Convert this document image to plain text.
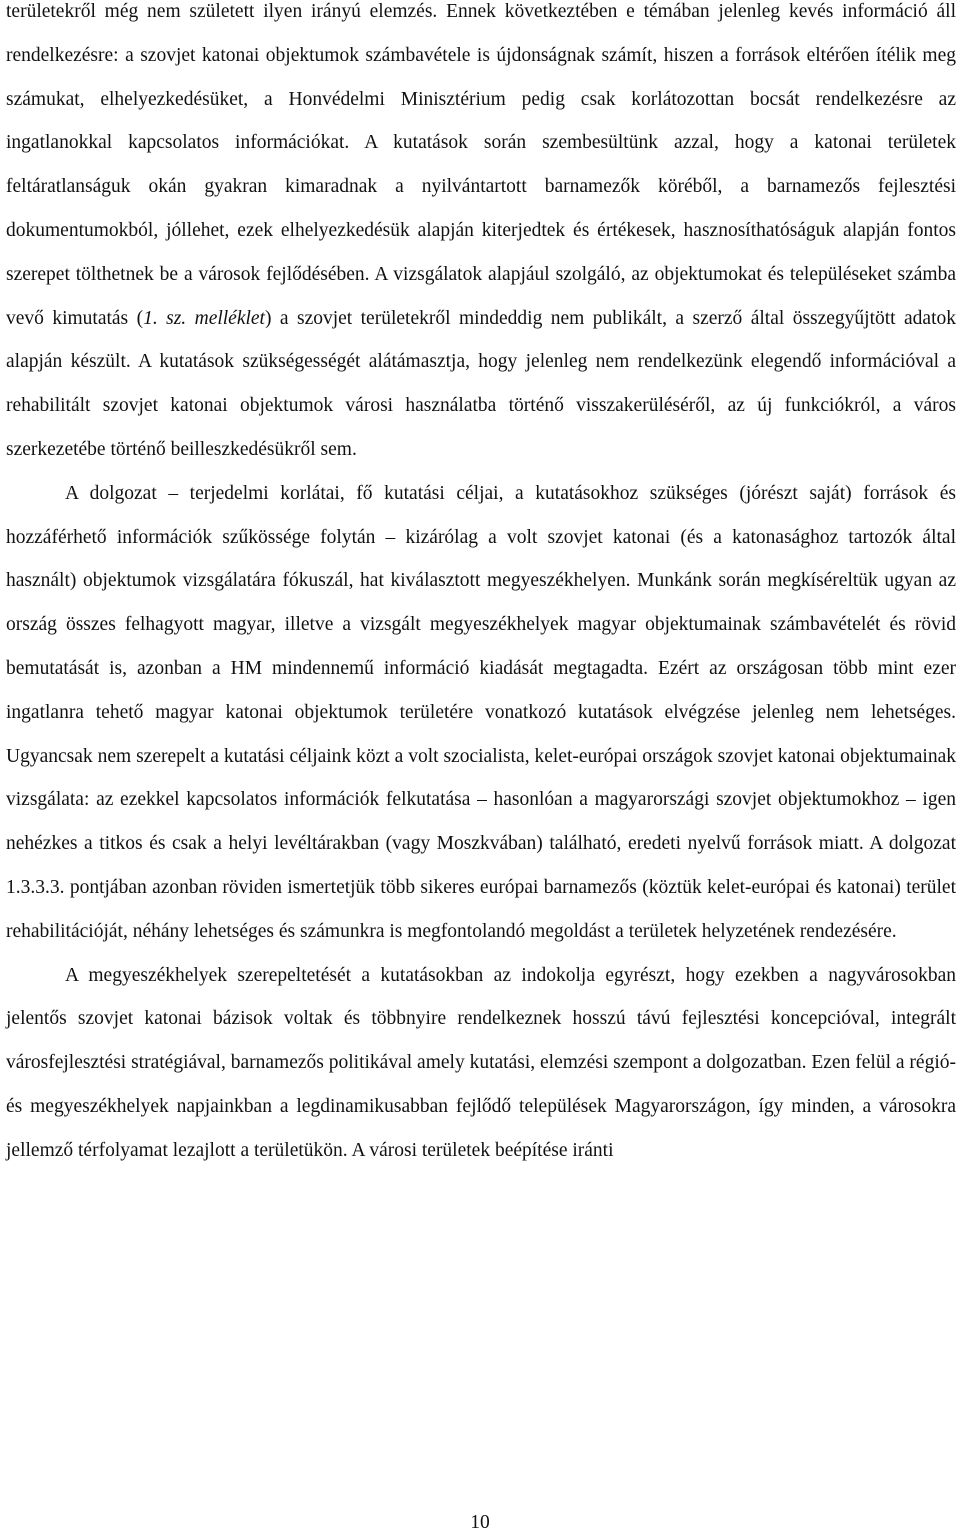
területekről még nem született ilyen irányú elemzés. Ennek következtében e témában jelenleg kevés információ áll rendelkezésre: a szovjet katonai objektumok számbavétele is újdonságnak számít, hiszen a források eltérően ítélik meg számukat, elhelyezkedésüket, a Honvédelmi Minisztérium pedig csak korlátozottan bocsát rendelkezésre az ingatlanokkal kapcsolatos információkat. A kutatások során szembesültünk azzal, hogy a katonai területek feltáratlanságuk okán gyakran kimaradnak a nyilvántartott barnamezők köréből, a barnamezős fejlesztési dokumentumokból, jóllehet, ezek elhelyezkedésük alapján kiterjedtek és értékesek, hasznosíthatóságuk alapján fontos szerepet tölthetnek be a városok fejlődésében. A vizsgálatok alapjául szolgáló, az objektumokat és településeket számba vevő kimutatás (1. sz. melléklet) a szovjet területekről mindeddig nem publikált, a szerző által összegyűjtött adatok alapján készült. A kutatások szükségességét alátámasztja, hogy jelenleg nem rendelkezünk elegendő információval a rehabilitált szovjet katonai objektumok városi használatba történő visszakerüléséről, az új funkciókról, a város szerkezetébe történő beilleszkedésükről sem.

A dolgozat – terjedelmi korlátai, fő kutatási céljai, a kutatásokhoz szükséges (jórészt saját) források és hozzáférhető információk szűkössége folytán – kizárólag a volt szovjet katonai (és a katonasághoz tartozók által használt) objektumok vizsgálatára fókuszál, hat kiválasztott megyeszékhelyen. Munkánk során megkíséreltük ugyan az ország összes felhagyott magyar, illetve a vizsgált megyeszékhelyek magyar objektumainak számbavételét és rövid bemutatását is, azonban a HM mindennemű információ kiadását megtagadta. Ezért az országosan több mint ezer ingatlanra tehető magyar katonai objektumok területére vonatkozó kutatások elvégzése jelenleg nem lehetséges. Ugyancsak nem szerepelt a kutatási céljaink közt a volt szocialista, kelet-európai országok szovjet katonai objektumainak vizsgálata: az ezekkel kapcsolatos információk felkutatása – hasonlóan a magyarországi szovjet objektumokhoz – igen nehézkes a titkos és csak a helyi levéltárakban (vagy Moszkvában) található, eredeti nyelvű források miatt. A dolgozat 1.3.3.3. pontjában azonban röviden ismertetjük több sikeres európai barnamezős (köztük kelet-európai és katonai) terület rehabilitációját, néhány lehetséges és számunkra is megfontolandó megoldást a területek helyzetének rendezésére.

A megyeszékhelyek szerepeltetését a kutatásokban az indokolja egyrészt, hogy ezekben a nagyvárosokban jelentős szovjet katonai bázisok voltak és többnyire rendelkeznek hosszú távú fejlesztési koncepcióval, integrált városfejlesztési stratégiával, barnamezős politikával amely kutatási, elemzési szempont a dolgozatban. Ezen felül a régió- és megyeszékhelyek napjainkban a legdinamikusabban fejlődő települések Magyarországon, így minden, a városokra jellemző térfolyamat lezajlott a területükön. A városi területek beépítése iránti

10
